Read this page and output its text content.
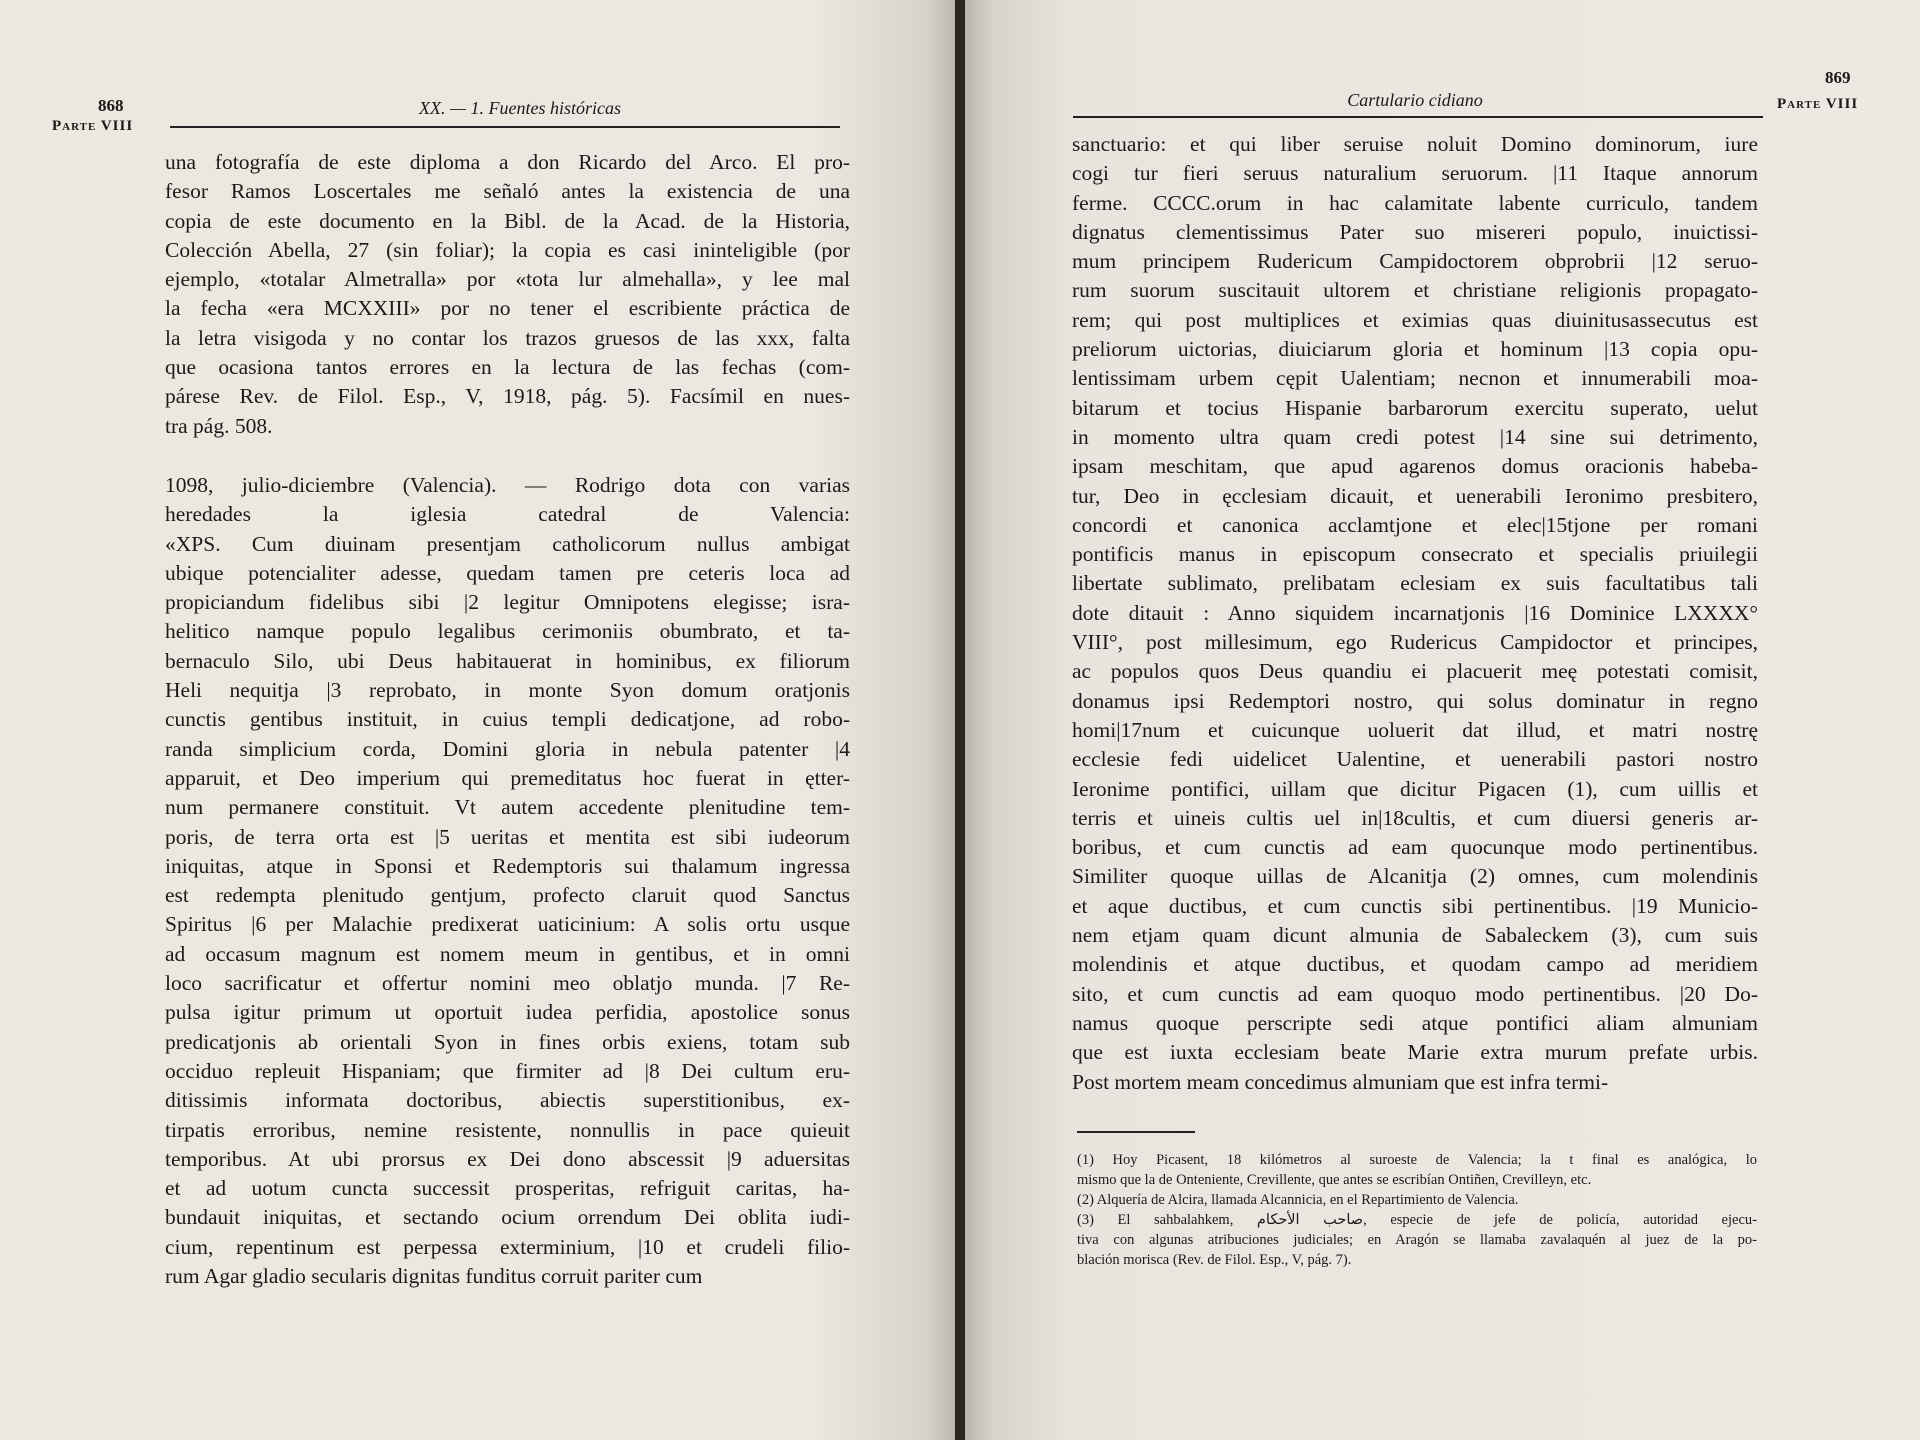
868
Parte VIII
XX. — 1. Fuentes históricas
una fotografía de este diploma a don Ricardo del Arco. El pro-
fesor Ramos Loscertales me señaló antes la existencia de una
copia de este documento en la Bibl. de la Acad. de la Historia,
Colección Abella, 27 (sin foliar); la copia es casi ininteligible (por
ejemplo, «totalar Almetralla» por «tota lur almehalla», y lee mal
la fecha «era MCXXIII» por no tener el escribiente práctica de
la letra visigoda y no contar los trazos gruesos de las xxx, falta
que ocasiona tantos errores en la lectura de las fechas (com-
párese Rev. de Filol. Esp., V, 1918, pág. 5). Facsímil en nues-
tra pág. 508.
1098, julio-diciembre (Valencia). — Rodrigo dota con varias
heredades la iglesia catedral de Valencia:
«XPS. Cum diuinam presentjam catholicorum nullus ambigat
ubique potencialiter adesse, quedam tamen pre ceteris loca ad
propiciandum fidelibus sibi |2 legitur Omnipotens elegisse; isra-
helitico namque populo legalibus cerimoniis obumbrato, et ta-
bernaculo Silo, ubi Deus habitauerat in hominibus, ex filiorum
Heli nequitja |3 reprobato, in monte Syon domum oratjonis
cunctis gentibus instituit, in cuius templi dedicatjone, ad robo-
randa simplicium corda, Domini gloria in nebula patenter |4
apparuit, et Deo imperium qui premeditatus hoc fuerat in ętter-
num permanere constituit. Vt autem accedente plenitudine tem-
poris, de terra orta est |5 ueritas et mentita est sibi iudeorum
iniquitas, atque in Sponsi et Redemptoris sui thalamum ingressa
est redempta plenitudo gentjum, profecto claruit quod Sanctus
Spiritus |6 per Malachie predixerat uaticinium: A solis ortu usque
ad occasum magnum est nomem meum in gentibus, et in omni
loco sacrificatur et offertur nomini meo oblatjo munda. |7 Re-
pulsa igitur primum ut oportuit iudea perfidia, apostolice sonus
predicatjonis ab orientali Syon in fines orbis exiens, totam sub
occiduo repleuit Hispaniam; que firmiter ad |8 Dei cultum eru-
ditissimis informata doctoribus, abiectis superstitionibus, ex-
tirpatis erroribus, nemine resistente, nonnullis in pace quieuit
temporibus. At ubi prorsus ex Dei dono abscessit |9 aduersitas
et ad uotum cuncta successit prosperitas, refriguit caritas, ha-
bundauit iniquitas, et sectando ocium orrendum Dei oblita iudi-
cium, repentinum est perpessa exterminium, |10 et crudeli filio-
rum Agar gladio secularis dignitas funditus corruit pariter cum
869
Parte VIII
Cartulario cidiano
sanctuario: et qui liber seruise noluit Domino dominorum, iure
cogi tur fieri seruus naturalium seruorum. |11 Itaque annorum
ferme. CCCC.orum in hac calamitate labente curriculo, tandem
dignatus clementissimus Pater suo misereri populo, inuictissi-
mum principem Rudericum Campidoctorem obprobrii |12 seruo-
rum suorum suscitauit ultorem et christiane religionis propagato-
rem; qui post multiplices et eximias quas diuinitusassecutus est
preliorum uictorias, diuiciarum gloria et hominum |13 copia opu-
lentissimam urbem cępit Ualentiam; necnon et innumerabili moa-
bitarum et tocius Hispanie barbarorum exercitu superato, uelut
in momento ultra quam credi potest |14 sine sui detrimento,
ipsam meschitam, que apud agarenos domus oracionis habeba-
tur, Deo in ęcclesiam dicauit, et uenerabili Ieronimo presbitero,
concordi et canonica acclamtjone et elec|15tjone per romani
pontificis manus in episcopum consecrato et specialis priuilegii
libertate sublimato, prelibatam eclesiam ex suis facultatibus tali
dote ditauit : Anno siquidem incarnatjonis |16 Dominice LXXXX°
VIII°, post millesimum, ego Rudericus Campidoctor et principes,
ac populos quos Deus quandiu ei placuerit meę potestati comisit,
donamus ipsi Redemptori nostro, qui solus dominatur in regno
homi|17num et cuicunque uoluerit dat illud, et matri nostrę
ecclesie fedi uidelicet Ualentine, et uenerabili pastori nostro
Ieronime pontifici, uillam que dicitur Pigacen (1), cum uillis et
terris et uineis cultis uel in|18cultis, et cum diuersi generis ar-
boribus, et cum cunctis ad eam quocunque modo pertinentibus.
Similiter quoque uillas de Alcanitja (2) omnes, cum molendinis
et aque ductibus, et cum cunctis sibi pertinentibus. |19 Municio-
nem etjam quam dicunt almunia de Sabaleckem (3), cum suis
molendinis et atque ductibus, et quodam campo ad meridiem
sito, et cum cunctis ad eam quoquo modo pertinentibus. |20 Do-
namus quoque perscripte sedi atque pontifici aliam almuniam
que est iuxta ecclesiam beate Marie extra murum prefate urbis.
Post mortem meam concedimus almuniam que est infra termi-
(1) Hoy Picasent, 18 kilómetros al suroeste de Valencia; la t final es analógica, lo
mismo que la de Onteniente, Crevillente, que antes se escribían Ontiñen, Crevilleyn, etc.
(2) Alquería de Alcira, llamada Alcannicia, en el Repartimiento de Valencia.
(3) El sahbalahkem, صاحب الأحكام, especie de jefe de policía, autoridad ejecu-
tiva con algunas atribuciones judiciales; en Aragón se llamaba zavalaquén al juez de la po-
blación morisca (Rev. de Filol. Esp., V, pág. 7).
